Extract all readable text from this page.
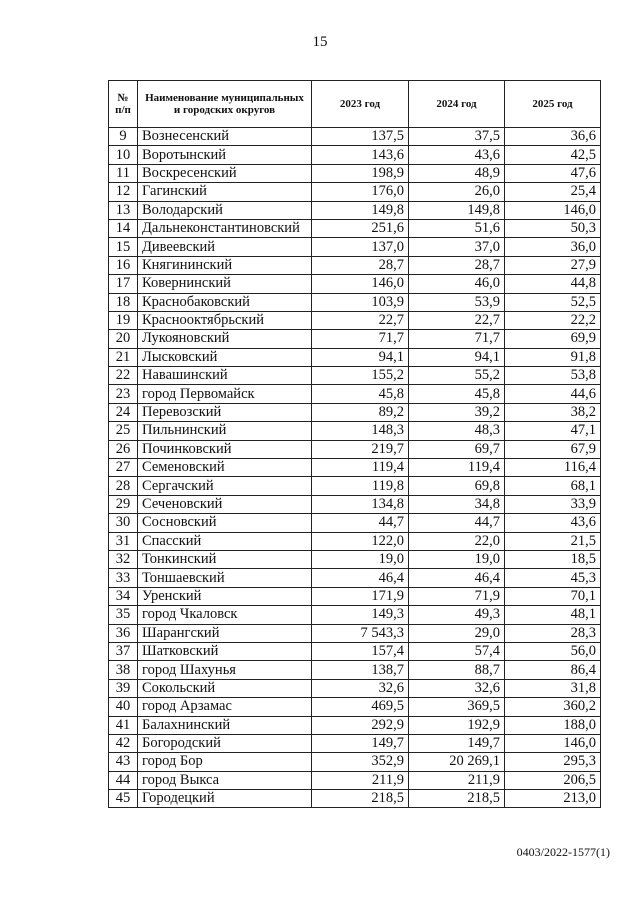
15
№ п/п	Наименование муниципальных и городских округов	2023 год	2024 год	2025 год
9	Вознесенский	137,5	37,5	36,6
10	Воротынский	143,6	43,6	42,5
11	Воскресенский	198,9	48,9	47,6
12	Гагинский	176,0	26,0	25,4
13	Володарский	149,8	149,8	146,0
14	Дальнеконстантиновский	251,6	51,6	50,3
15	Дивеевский	137,0	37,0	36,0
16	Княгининский	28,7	28,7	27,9
17	Ковернинский	146,0	46,0	44,8
18	Краснобаковский	103,9	53,9	52,5
19	Краснооктябрьский	22,7	22,7	22,2
20	Лукояновский	71,7	71,7	69,9
21	Лысковский	94,1	94,1	91,8
22	Навашинский	155,2	55,2	53,8
23	город Первомайск	45,8	45,8	44,6
24	Перевозский	89,2	39,2	38,2
25	Пильнинский	148,3	48,3	47,1
26	Починковский	219,7	69,7	67,9
27	Семеновский	119,4	119,4	116,4
28	Сергачский	119,8	69,8	68,1
29	Сеченовский	134,8	34,8	33,9
30	Сосновский	44,7	44,7	43,6
31	Спасский	122,0	22,0	21,5
32	Тонкинский	19,0	19,0	18,5
33	Тоншаевский	46,4	46,4	45,3
34	Уренский	171,9	71,9	70,1
35	город Чкаловск	149,3	49,3	48,1
36	Шарангский	7 543,3	29,0	28,3
37	Шатковский	157,4	57,4	56,0
38	город Шахунья	138,7	88,7	86,4
39	Сокольский	32,6	32,6	31,8
40	город Арзамас	469,5	369,5	360,2
41	Балахнинский	292,9	192,9	188,0
42	Богородский	149,7	149,7	146,0
43	город Бор	352,9	20 269,1	295,3
44	город Выкса	211,9	211,9	206,5
45	Городецкий	218,5	218,5	213,0
0403/2022-1577(1)
